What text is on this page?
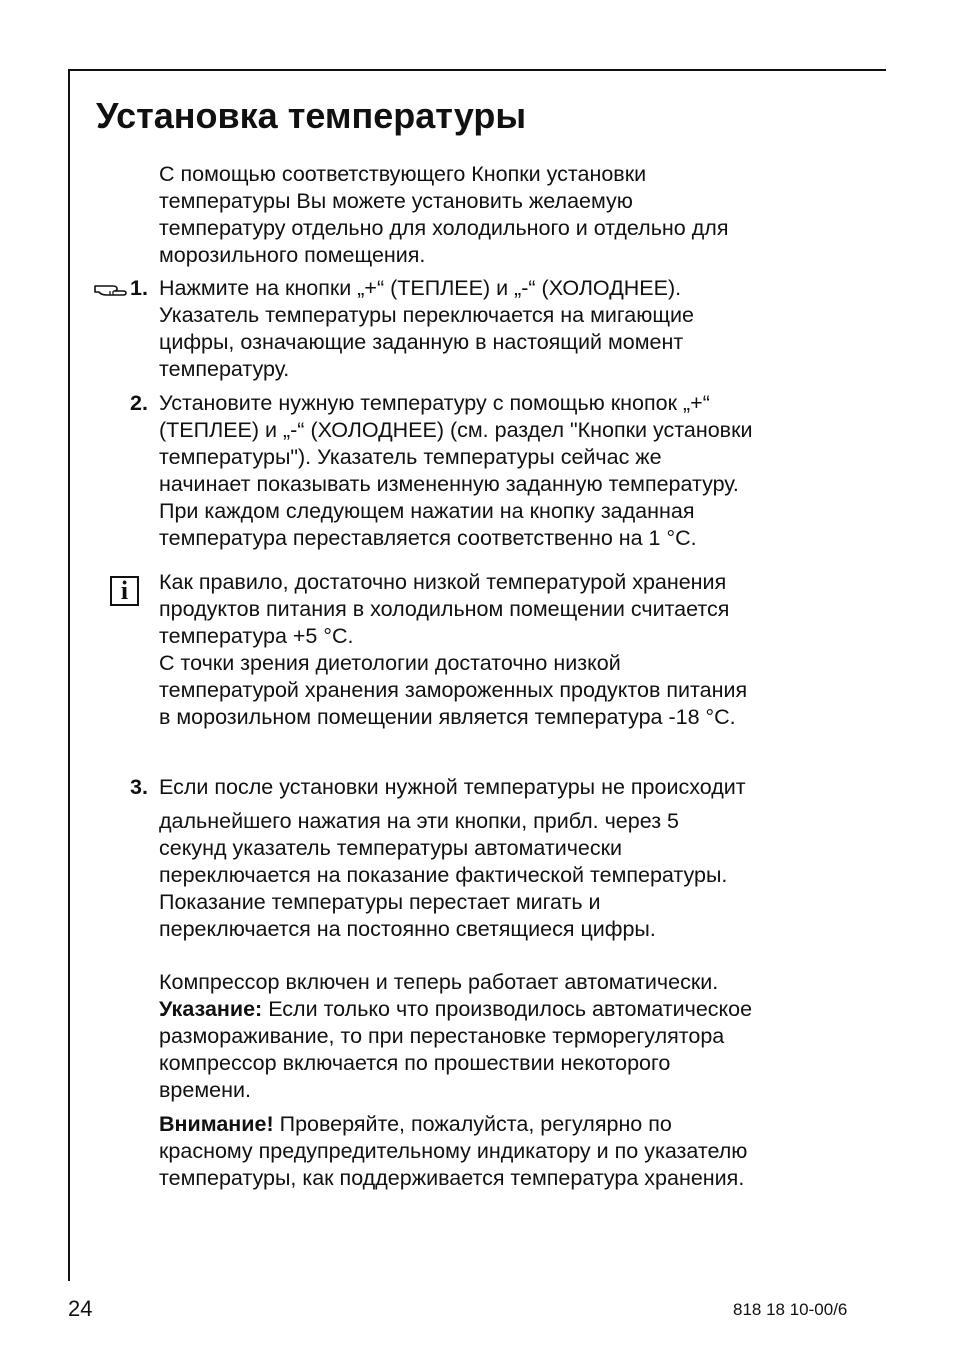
Установка температуры
С помощью соответствующего Кнопки установки
температуры Вы можете установить желаемую
температуру отдельно для холодильного и отдельно для
морозильного помещения.
1. Нажмите на кнопки „+“ (ТЕПЛЕЕ) и „-“ (ХОЛОДНЕЕ).
Указатель температуры переключается на мигающие
цифры, означающие заданную в настоящий момент
температуру.
2. Установите нужную температуру с помощью кнопок „+“
(ТЕПЛЕЕ) и „-“ (ХОЛОДНЕЕ) (см. раздел "Кнопки установки
температуры"). Указатель температуры сейчас же
начинает показывать измененную заданную температуру.
При каждом следующем нажатии на кнопку заданная
температура переставляется соответственно на 1 °С.
i	Как правило, достаточно низкой температурой хранения
продуктов питания в холодильном помещении считается
температура +5 °С.
С точки зрения диетологии достаточно низкой
температурой хранения замороженных продуктов питания
в морозильном помещении является температура -18 °С.
3. Если после установки нужной температуры не происходит
дальнейшего нажатия на эти кнопки, прибл. через 5
секунд указатель температуры автоматически
переключается на показание фактической температуры.
Показание температуры перестает мигать и
переключается на постоянно светящиеся цифры.
Компрессор включен и теперь работает автоматически.
Указание: Если только что производилось автоматическое
размораживание, то при перестановке терморегулятора
компрессор включается по прошествии некоторого
времени.
Внимание! Проверяйте, пожалуйста, регулярно по
красному предупредительному индикатору и по указателю
температуры, как поддерживается температура хранения.
24	818 18 10-00/6
